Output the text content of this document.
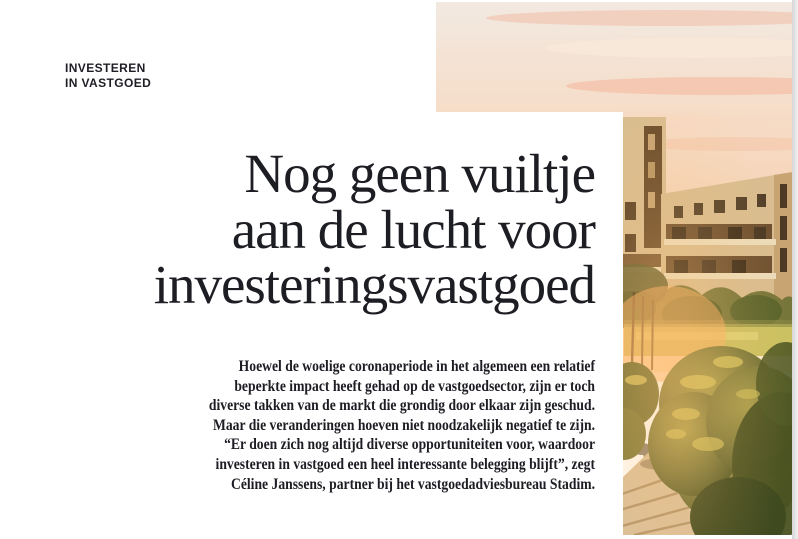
INVESTEREN
IN VASTGOED
Nog geen vuiltje
aan de lucht voor
investeringsvastgoed
Hoewel de woelige coronaperiode in het algemeen een relatief
beperkte impact heeft gehad op de vastgoedsector, zijn er toch
diverse takken van de markt die grondig door elkaar zijn geschud.
Maar die veranderingen hoeven niet noodzakelijk negatief te zijn.
“Er doen zich nog altijd diverse opportuniteiten voor, waardoor
investeren in vastgoed een heel interessante belegging blijft”, zegt
Céline Janssens, partner bij het vastgoedadviesbureau Stadim.
